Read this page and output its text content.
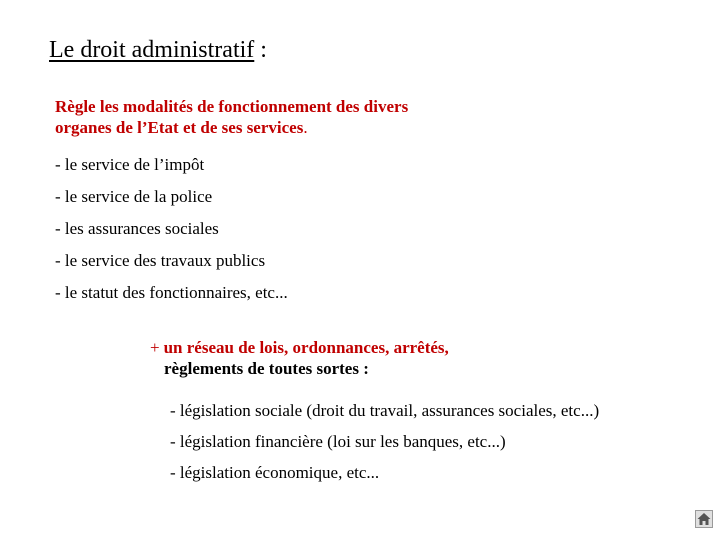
Le droit administratif :
Règle les modalités de fonctionnement des divers
organes de l’Etat et de ses services.
- le service de l’impôt
- le service de la police
- les assurances sociales
- le service des travaux publics
- le statut des fonctionnaires, etc...
+ un réseau de lois, ordonnances, arrêtés,
règlements de toutes sortes :
- législation sociale (droit du travail, assurances sociales, etc...)
- législation financière (loi sur les banques, etc...)
- législation économique, etc...
